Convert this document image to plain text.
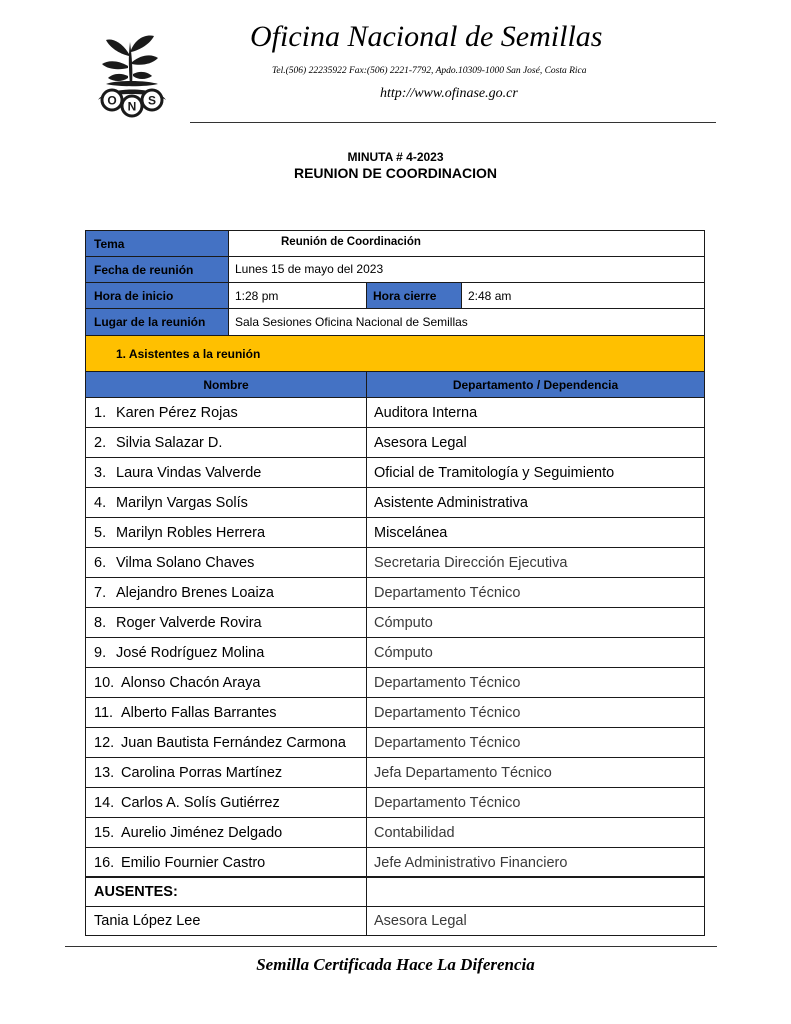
O N S
Oficina Nacional de Semillas
Tel.(506) 22235922 Fax:(506) 2221-7792, Apdo.10309-1000 San José, Costa Rica
http://www.ofinase.go.cr
MINUTA # 4-2023
REUNION DE COORDINACION
Tema	Reunión de Coordinación
Fecha de reunión	Lunes 15 de mayo del 2023
Hora de inicio	1:28 pm	Hora cierre	2:48 am
Lugar de la reunión	Sala Sesiones Oficina Nacional de Semillas
1. Asistentes a la reunión
Nombre	Departamento / Dependencia
1. Karen Pérez Rojas	Auditora Interna
2. Silvia Salazar D.	Asesora Legal
3. Laura Vindas Valverde	Oficial de Tramitología y Seguimiento
4. Marilyn Vargas Solís	Asistente Administrativa
5. Marilyn Robles Herrera	Miscelánea
6. Vilma Solano Chaves	Secretaria Dirección Ejecutiva
7. Alejandro Brenes Loaiza	Departamento Técnico
8. Roger Valverde Rovira	Cómputo
9. José Rodríguez Molina	Cómputo
10. Alonso Chacón Araya	Departamento Técnico
11. Alberto Fallas Barrantes	Departamento Técnico
12. Juan Bautista Fernández Carmona	Departamento Técnico
13. Carolina Porras Martínez	Jefa Departamento Técnico
14. Carlos A. Solís Gutiérrez	Departamento Técnico
15. Aurelio Jiménez Delgado	Contabilidad
16. Emilio Fournier Castro	Jefe Administrativo Financiero
AUSENTES:
Tania López Lee	Asesora Legal
Semilla Certificada Hace La Diferencia
